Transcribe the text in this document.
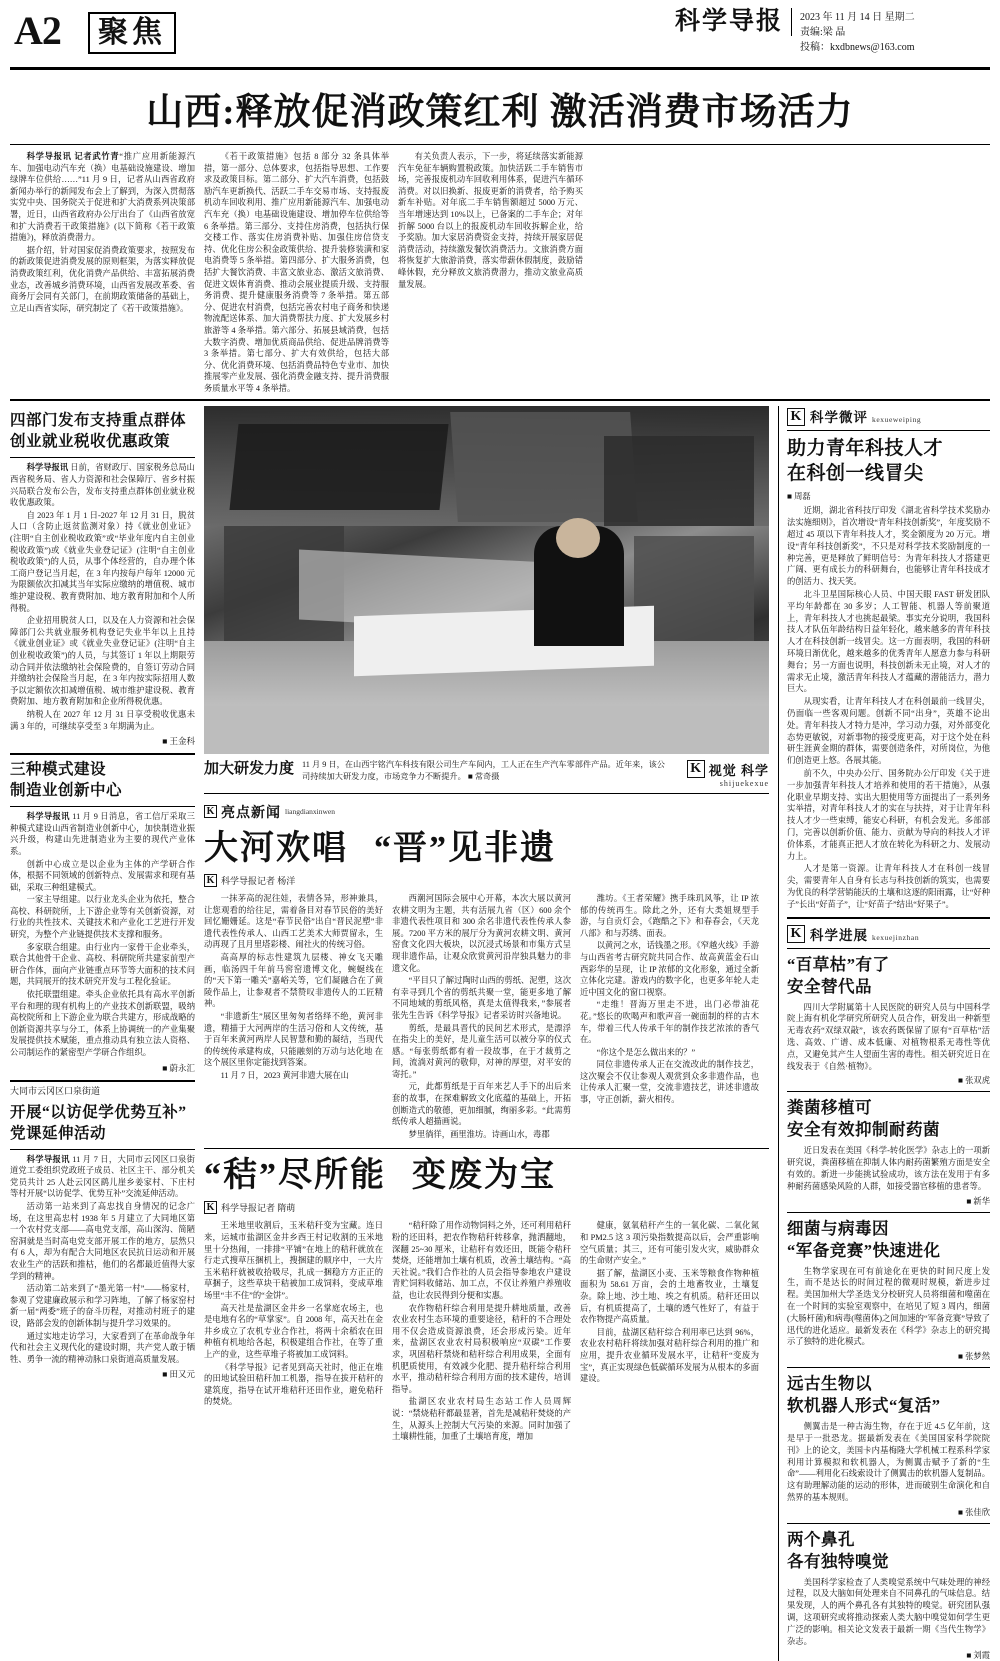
A2	聚焦	科学导报	2023 年 11 月 14 日 星期二
责编:梁 晶
投稿：kxdbnews@163.com
山西:释放促消政策红利 激活消费市场活力

科学导报讯 记者武竹青“推广应用新能源汽车、加强电动汽车充（换）电基础设施建设、增加绿牌车位供给……”11 月 9 日，记者从山西省政府新闻办举行的新闻发布会上了解到，为深入贯彻落实党中央、国务院关于促进和扩大消费系列决策部署，近日，山西省政府办公厅出台了《山西省放宽和扩大消费若干政策措施》(以下简称《若干政策措施》)，释放消费潜力。

据介绍，针对国家促消费政策要求，按照发布的新政策促进消费发展的原则框架，为落实释放促消费政策红利，优化消费产品供给、丰富拓展消费业态，改善城乡消费环境，山西省发展改革委、省商务厅会同有关部门，在前期政策储备的基础上，立足山西省实际，研究制定了《若干政策措施》。

《若干政策措施》包括 8 部分 32 条具体举措，第一部分、总体要求，包括指导思想、工作要求及政策目标。第二部分、扩大汽车消费，包括鼓励汽车更新换代、活跃二手车交易市场、支持报废机动车回收利用、推广应用新能源汽车、加强电动汽车充（换）电基础设施建设、增加停车位供给等 6 条举措。第三部分、支持住房消费，包括执行保交楼工作、落实住房消费补贴、加强住房信贷支持、优化住房公积金政策供给、提升装修装潢和家电消费等 5 条举措。第四部分、扩大服务消费，包括扩大餐饮消费、丰富文旅业态、激活文旅消费、促进文娱体育消费、推动会展业提质升级、支持服务消费、提升健康服务消费等 7 条举措。第五部分、促进农村消费，包括完善农村电子商务和快递物流配送体系、加大消费帮扶力度、扩大发展乡村旅游等 4 条举措。第六部分、拓展县域消费，包括大数字消费、增加优质商品供给、促进品牌消费等 3 条举措。第七部分、扩大有效供给，包括大部分、优化消费环境、包括消费品特色专业市、加快推展零产业发展、强化消费金融支持、提升消费服务质量水平等 4 条举措。

有关负责人表示，下一步，将延续落实新能源汽车免征车辆购置税政策。加快活跃二手车销售市场，完善报废机动车回收利用体系，促进汽车循环消费。对以旧换新、报废更新的消费者，给予购买新车补贴。对年底二手车销售额超过 5000 万元、当年增速达到 10%以上，已备案的二手车企；对年折解 5000 台以上的报废机动车回收拆解企业，给予奖励。加大家居消费资金支持，持续开展家居促消费活动，持续激发餐饮消费活力。文旅消费方面将恢复扩大旅游消费，落实带薪休假制度，鼓励错峰休假，充分释放文旅消费潜力，推动文旅业高质量发展。

四部门发布支持重点群体
创业就业税收优惠政策

科学导报讯 日前，省财政厅、国家税务总局山西省税务局、省人力资源和社会保障厅、省乡村振兴局联合发布公告，发布支持重点群体创业就业税收优惠政策。

自 2023 年 1 月 1 日-2027 年 12 月 31 日，脱贫人口（含防止返贫监测对象）持《就业创业证》(注明“自主创业税收政策”或“毕业年度内自主创业税收政策”)或《就业失业登记证》(注明“自主创业税收政策”)的人员，从事个体经营的，自办理个体工商户登记当月起，在 3 年内按每户每年 12000 元为限额依次扣减其当年实际应缴纳的增值税、城市维护建设税、教育费附加、地方教育附加和个人所得税。

企业招用脱贫人口，以及在人力资源和社会保障部门公共就业服务机构登记失业半年以上且持《就业创业证》或《就业失业登记证》(注明“自主创业税收政策”)的人员，与其签订 1 年以上期限劳动合同并依法缴纳社会保险费的，自签订劳动合同并缴纳社会保险当月起，在 3 年内按实际招用人数予以定额依次扣减增值税、城市维护建设税、教育费附加、地方教育附加和企业所得税优惠。

纳税人在 2027 年 12 月 31 日享受税收优惠未满 3 年的，可继续享受至 3 年期满为止。

■ 王金科
三种模式建设
制造业创新中心

科学导报讯 11 月 9 日消息，省工信厅采取三种模式建设山西省制造业创新中心，加快制造业振兴升级，构建山先进制造业为主要的现代产业体系。

创新中心成立是以企业为主体的产学研合作体，根据不同领域的创新特点、发展需求和现有基础，采取三种组建模式。

一家主导组建。以行业龙头企业为依托，整合高校、科研院所，上下游企业等有关创新资源，对行业的共性技术、关键技术和产业化工艺进行开发研究，为整个产业链提供技术支撑和服务。

多家联合组建。由行业内一家骨干企业牵头，联合其他骨干企业、高校、科研院所共建家前型产研合作体，面向产业链重点环节等大面积的技术问题，共同展开的技术研究开发与工程化验证。

依托联盟组建。牵头企业依托具有高水平创新平台和理的现有机构上的产业技术创新联盟，吸纳高校院所和上下游企业为联合共建方，形成战略的创新资源共享与分工，体系上协调统一的产业集聚发展提供技术赋能，重点推动具有独立法人资格、公司制运作的紧密型产学研合作组织。

■ 蔚永汇
大同市云冈区口泉街道
开展“以访促学优势互补”
党课延伸活动

科学导报讯 11 月 7 日，大同市云冈区口泉街道党工委组织党政班子成员、社区主干、部分机关党员共计 25 人赴云冈区鹞儿崖乡姜家村、下庄村等村开展“以访促学、优势互补”交流延伸活动。

活动第一站来到了高忠找自身情况的记念广场，在这里高忠村 1938 年 5 月建立了大同地区第一个农村党支部——高电党支部，高山深沟、简陋窑洞就是当时高电党支部开展工作的地方，层然只有 6 人，却为有配合大同地区农民抗日运动和开展农业生产的活跃和推枯，他们的名都最近值得大家学到的精神。

活动第二站来到了“墨光第一村”——杨家村，参观了党建廉政展示和学习阵地，了解了杨家窑村新一届“两委”班子的奋斗历程，对推动村班子的建设，路部会发的创新体制与提升学习效果的。

通过实地走访学习，大家看到了在革命战争年代和社会主义现代化的建设时期，共产党人敢于牺牲、勇争一流的精神动脉口泉街道高质量发展。

■ 田又元
加大研发力度 11 月 9 日，在山西宇铭汽车科技有限公司生产车间内，工人正在生产汽车零部件产品。近年来，该公司持续加大研发力度，市场竞争力不断提升。 ■ 常奇摄	K 视觉 科学
shijuekexue
K 亮点新闻 liangdianxinwen
大河欢唱 “晋”见非遗
K 科学导报记者 杨洋

一抹茅高的泥往娃，表情各异，形神兼具，让您观看的给往足，需着备目对春节民俗的美好回忆姗姗延。这是“春节民俗”出自“晋民泥塑”非遗代表性传承人、山西工艺美术大师贾留永，生动再现了且月里塔彩楼、闹社火的传统习俗。

高高厚的标志性建筑九层楼、神女飞天雕画，临汤四千年前马窖窑遗博文化，蜿蜒线在的“天下第一雕关”嘉峪关等，它们凝融合在了黄陵作品上，让参观者不禁赞叹非遗传人的工匠精神。

“非遗新生”展区里匆匆者络绎不绝，黄河非遗，精描于大河两岸的生活习俗和人文传统，基于百年来黄河两岸人民智慧和勤的凝结，当现代的传统传承建构成，只能融刻的万动与达化地 在这个展区里你定能找到答案。

11 月 7 日，2023 黄河非遗大展在山

西潮河国际会展中心开幕，本次大展以黄河农耕文明为主题，共有活展九省（区）600 余个非遗代表性项目和 300 余名非遗代表性传承人参展。7200 平方米的展厅分为黄河农耕文明、黄河窑食文化四大板块，以沉浸式场景和市集方式呈现非遗作品，让观众欣赏黄河沿岸独具魅力的非遗文化。

“平目只了解过陶时山西的剪纸、泥塑，这次有幸寻到几个省的剪纸共聚一堂，能更多地了解不同地域的剪纸风格，真是太值得我来，”参展者张先生告诉《科学导报》记者采访时兴备地说。

剪纸，是最具晋代的民间艺术形式，是漂浮在指尖上的美好，是儿童生活可以被分享的仪式感。“每张剪纸都有着一段故事，在于才裁剪之间，流淌对黄河的敬仰，对神的厚望，对平安的寄托。”

元，此都剪纸是于百年来艺人手下的出后来套的故事，在探难解致文化底蕴的基础上，开拓创断造式的敬德，更加细腻，绚丽多彩。“此需剪纸传承人超描画说。

梦里徜徉，画里淮坊。诗画山水，毒郡

潍坊。《王者荣耀》携手珠玑风筝，让 IP 浓郁的传统再生。除此之外，还有大类姐规型手游，与自贡灯会，《跑酷之下》和春春会，《天龙八部》和与苏绣、面表。

以黄河之水，话钱墨之形。《窄越火线》手游与山西省考古研究院共同合作、故高黄蓝金石山西彩华的呈现，让 IP 浓郁的文化形象，通过全新立体化完建。游戏内的数字化，也更多年轮人走近中国文化的窗口视察。

“走维！晋海万里走不进，出门必带油花花。”悠长的吹喝声和歌声音一碗面制的样的古木车，带着三代人传承千年的制作技艺浓浓的香气在。

“你这个是怎么做出来的？”

同位非遗传承人正在交流改此的制作技艺，这次聚会不仅让参观人观赏到众多非遗作品，也让传承人汇聚一堂，交流非遗技艺，讲述非遗故事，守正创新，薪火相传。

“秸”尽所能 变废为宝
K 科学导报记者 隋萌

王米地里收割后，玉米秸秆变为宝藏。连日来，运城市盐湖区金井乡西王村记收割的玉米地里十分热闹，一排排“平铺”在地上的秸秆就放在行走式搜草压捆机上，搜捆建的顺序中，一大片玉米秸秆就被收拾吸尽，扎成一捆稳方方正正的草捆子，这些草块干秸被加工成饲料，变成草堆场里“丰不住”的“金饼”。

高天社是盐湖区金井乡一名掌庭农场主，也是电地有名的“草掌家”。自 2008 年，高天社在金井乡成立了农机专业合作社，将两十余稻农在田种植有机地给各起，积极建组合作社，在等了重上产的业，这些草堆子将被加工成饲料。

《科学导报》记者见到高天社时，他正在堆的田地试验田秸秆加工机器，指导在拔开秸秆的建筑度，指导在试开堆秸秆还田作业，避免秸秆的焚烧。

“秸秆除了用作动物饲料之外，还可利用秸秆粉的还田料，把农作物秸秆转移拿，抛洒翻地，深翻 25~30 厘米，让秸秆有效还田，既能令秸秆焚烧，还能增加土壤有机质，改善土壤结构。“高天社说。”我们合作社的人员会指导参地农户建设青贮饲料收储站、加工点，不仅让养殖户养殖收益，也让农民得到分便和实惠。

农作物秸秆综合利用是提升耕地质量，改善农业农村生态环境的重要途径，秸秆的不合理处用不仅会造成资源浪费，还会形成污染。近年来，盐湖区农业农村局积极响应“双碳”工作要求，巩固秸秆禁烧和秸秆综合利用成果，全面有机肥质使用，有效减少化肥、提升秸秆综合利用水平，推动秸秆综合利用方面的技术建传，培训指导。

盐湖区农业农村局生态站工作人员周辉说：“禁烧秸秆都最显著，首先是减秸秆焚烧的产生，从源头上控制大气污染的来源。同时加强了土壤耕性能，加重了土壤培育度，增加

健康，氨氧秸秆产生的一氧化碳、二氧化氮和 PM2.5 这 3 项污染指数提高以后，会严重影响空气质量；其三，还有可能引发火灾，威胁群众的生命财产安全。”

据了解，盐湖区小麦、玉米等粮食作物种植面积为 58.61 万亩，会的土地畜牧业，土壤复杂。除上地、沙土地、埃之有机质。秸秆还田以后，有机质提高了，土壤的透气性好了，有益于农作物提产高质量。

目前，盐湖区秸秆综合利用率已达到 96%，农业农村秸秆将续加强对秸秆综合利用的推广和应用，提升农业循环发展水平，让秸秆“变废为宝”，真正实现绿色低碳循环发展为从根本的多面建设。

K 科学微评 kexueweiping
助力青年科技人才
在科创一线冒尖
■ 周磊

近期，湖北省科技厅印发《湖北省科学技术奖励办法实施细则》，首次增设“青年科技创新奖”，年度奖励不超过 45 项以下青年科技人才，奖金额度为 20 万元。增设“青年科技创新奖”，不只是对科学技术奖励制度的一种完善，更是释放了鲜明信号：为青年科技人才搭建更广阔、更有成长力的科研舞台，也能够让青年科技成才的创活力、找天笑。

北斗卫星国际核心人员、中国天眼 FAST 研发团队平均年龄都在 30 多岁；人工智能、机器人等前聚道上，青年科技人才也挑起最梁。事实充分说明，我国科技人才队伍年龄结构日益年轻化，越来越多的青年科技人才在科技创新一线冒尖。这一方面表明，我国的科研环境日渐优化，越来越多的优秀青年人愿意力参与科研舞台；另一方面也说明，科技创新未无止境，对人才的需求无止境，激活青年科技人才蕴藏的潜能活力，潜力巨大。

从现实看，让青年科技人才在科创最前一线冒尖，仍面临一些客观问题。创新不同“出身”，英雄不论出处。青年科技人才特力是冲，学习动力强，对外部变化态势更敏锐，对新事物的接受度更高，对于这个处在科研生涯黄金期的群体，需要创造条件，对所岗位，为他们创造更上悠。各展其能。

前不久，中央办公厅、国务院办公厅印发《关于进一步加强青年科技人才培养和使用的若干措施》，从强化职业早期支持、实出大胆使用等方面提出了一系列务实举措，对青年科技人才的实在与扶持，对于让青年科技人才少一些束缚，能安心科研，有机会发光。多部部门，完善以创新价值、能力、贡献为导向的科技人才评价体系，才能真正把人才放在转化为科研之力、发展动力上。

人才是第一资源。让青年科技人才在科创一线冒尖，需要青年人自身有长志与科技创新的筑实，也需要为优良的科学营销能沃的土壤和这逐的阳雨露，让“好种子”长出“好苗子”，让“好苗子”结出“好果子”。

K 科学进展 kexuejinzhan
“百草枯”有了
安全替代品

四川大学附属第十人民医院的研究人员与中国科学院上海有机化学研究所研究人员合作，研发出一种新型无毒农药“双绿双敲”，该农药既保留了原有“百草枯”活选、高效、广谱、成本低廉、对植物根系无毒性等优点，又避免其产生人望面生害的毒性。相关研究近日在线发表于《自然·植物》。

■ 张双虎
粪菌移植可
安全有效抑制耐药菌

近日发表在美国《科学-转化医学》杂志上的一项新研究说，粪菌移植在抑制人体内耐药菌繁殖方面是安全有效的。新进一步能挑试验成功，该方法在发用于有多种耐药菌感染风险的人群，如接受器官移植的患者等。

■ 新华
细菌与病毒因
“军备竞赛”快速进化

生物学家现在可有前途化在更快的时间尺度上发生，而不是达长的时间过程的微观时规模，新进步过程。美国加州大学圣迭戈分校研究人员将细菌和噬菌在在一个时间的实验室观察中，在培见了短 3 周内，细菌(大肠杆菌)和病毒(噬菌体)之间加速的“军备竞赛”导致了迅代的进化适应。最新发表在《科学》杂志上的研究揭示了独特的进化模式。

■ 张梦然
远古生物以
软机器人形式“复活”

侧翼击是一种古海生物，存在于近 4.5 亿年前，这是早于一批恐龙。据最新发表在《美国国家科学院院刊》上的论文，美国卡内基梅隆大学机械工程系科学家利用计算模拟和软机器人，为侧翼击赋予了新的“生命”——利用化石线索设计了侧翼击的软机器人复制品。这有助理解动能的运动的形体，进而破别生命演化和自然界的基本规则。

■ 张佳欣
两个鼻孔
各有独特嗅觉

美国科学家检查了人类嗅觉系统中气味处理的神经过程，以及大脑如何处理来自不同鼻孔的气味信息。结果发现，人的两个鼻孔各有其独特的嗅觉。研究团队强调，这项研究或将推动探索人类大脑中嗅觉如何学生更广泛的影响。相关论文发表于最新一期《当代生物学》杂志。

■ 刘霞
